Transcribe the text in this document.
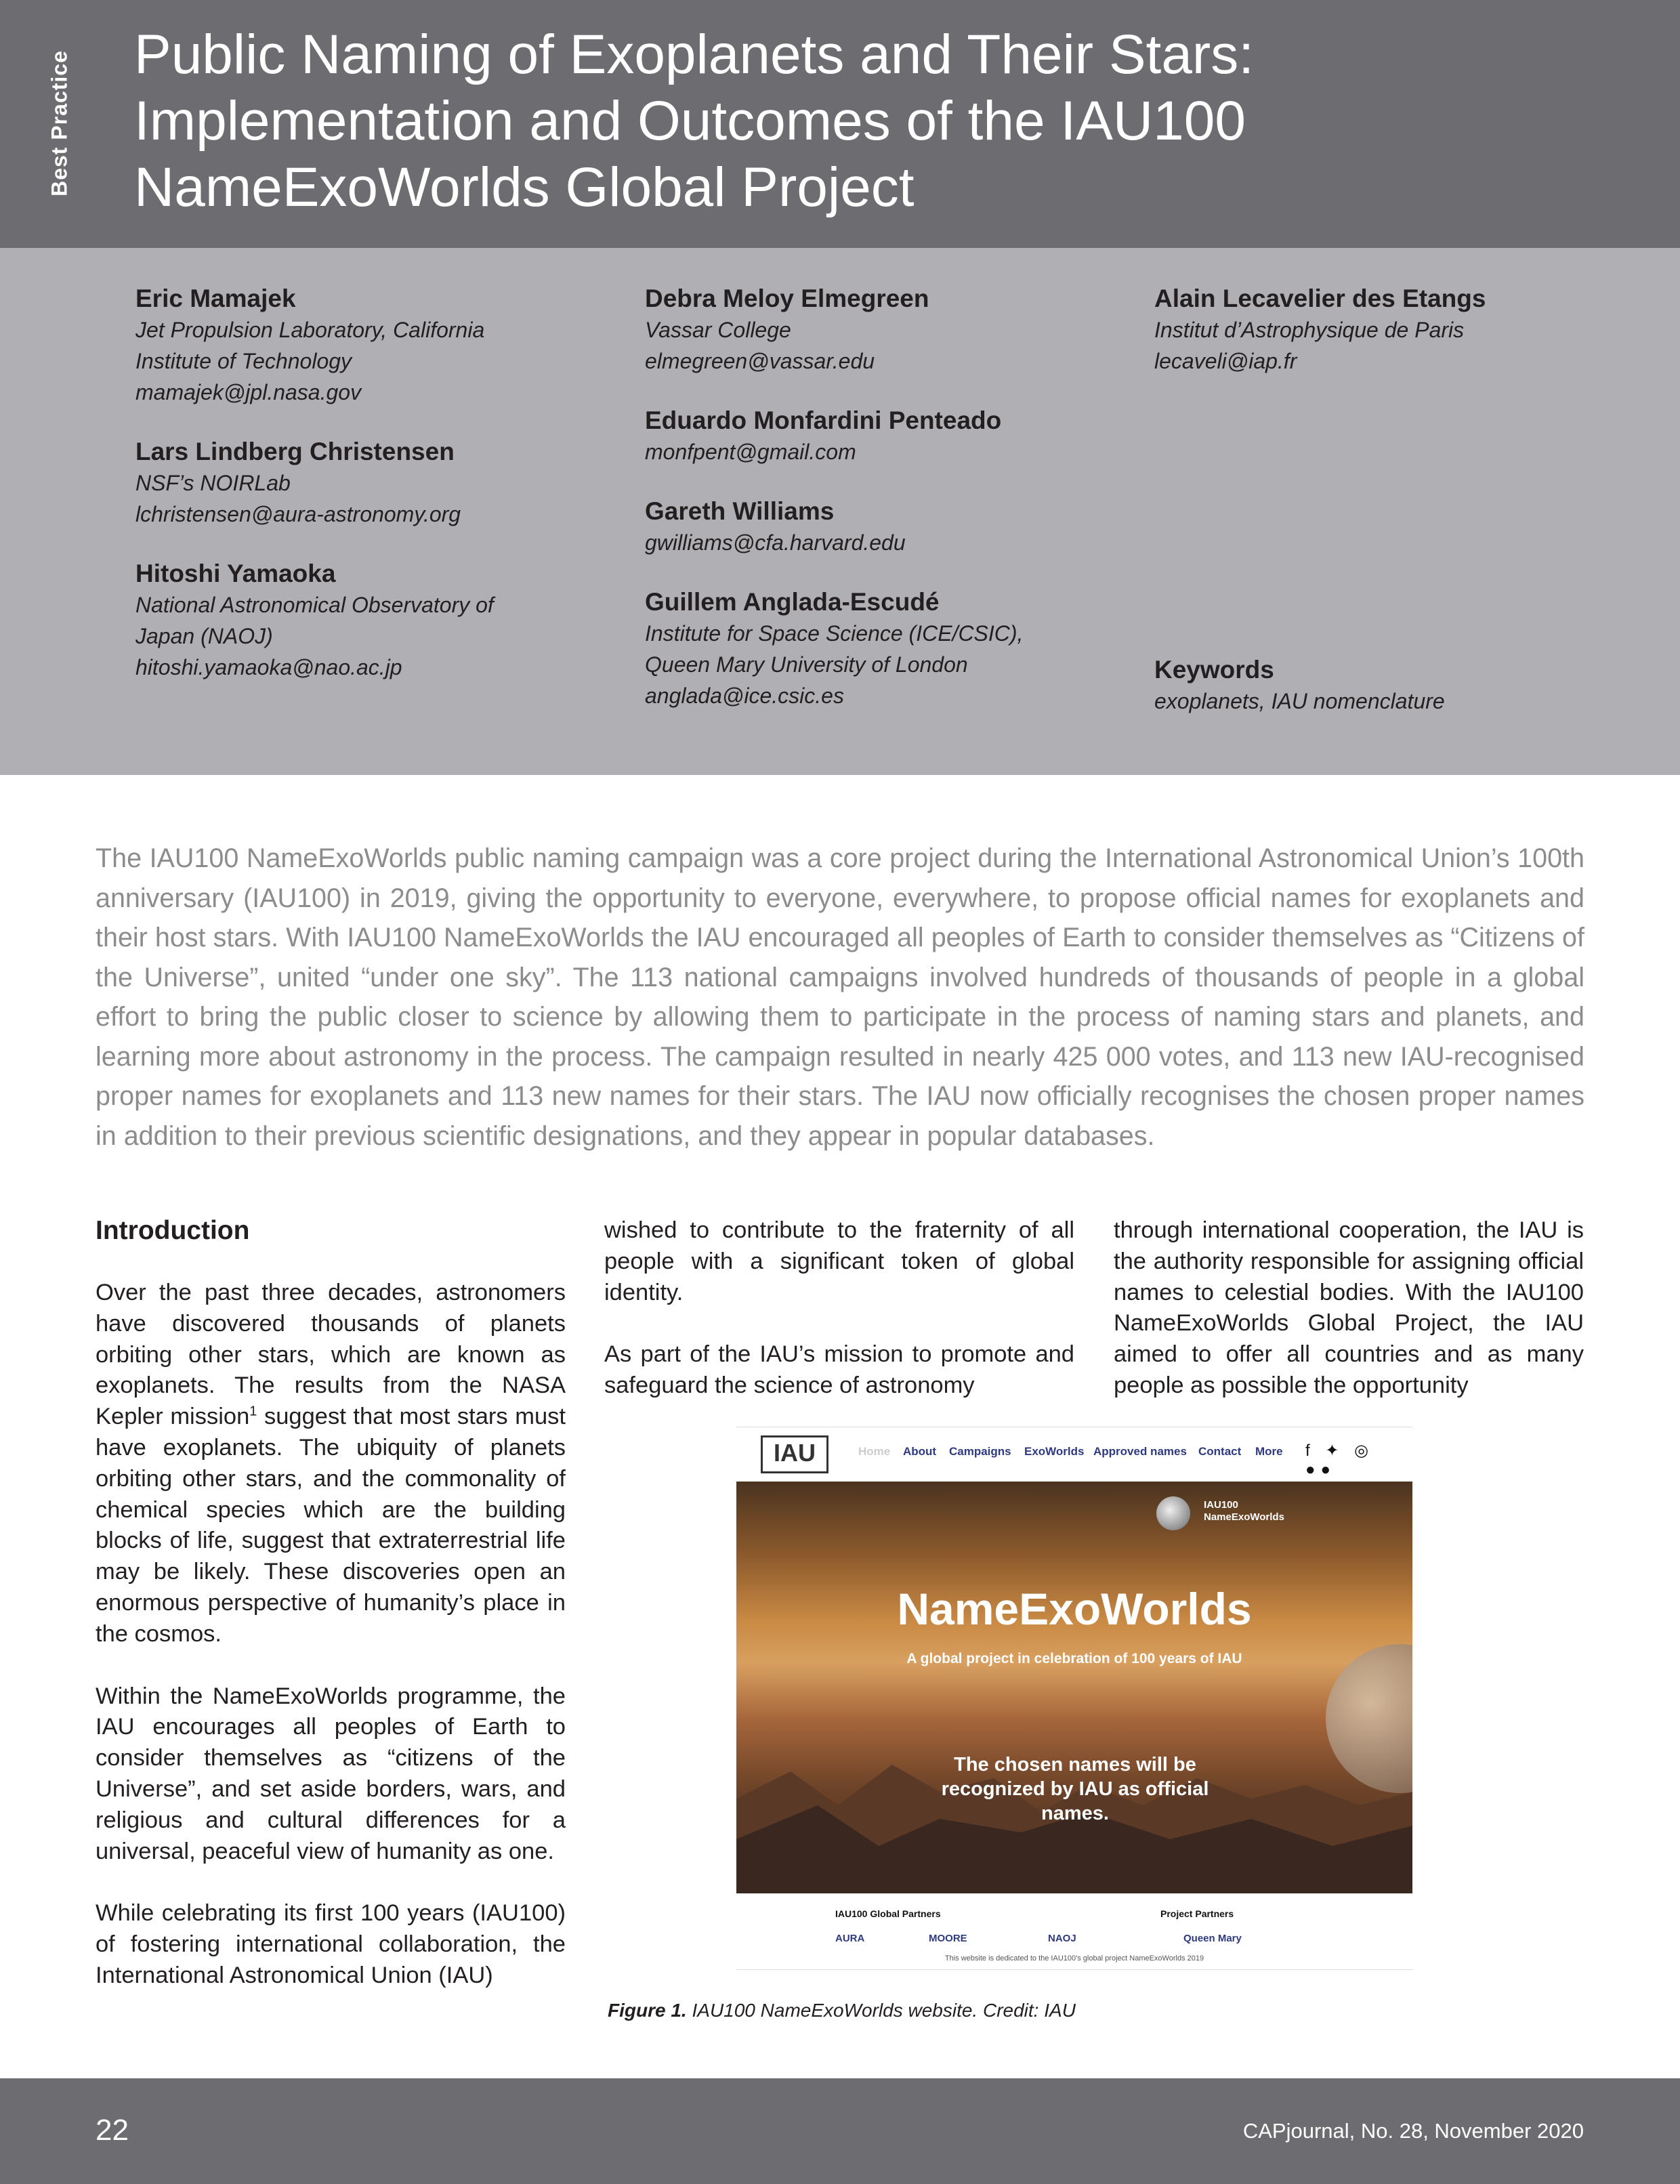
Best Practice Public Naming of Exoplanets and Their Stars: Implementation and Outcomes of the IAU100 NameExoWorlds Global Project
Eric Mamajek
Jet Propulsion Laboratory, California
Institute of Technology
mamajek@jpl.nasa.gov
Lars Lindberg Christensen
NSF’s NOIRLab
lchristensen@aura-astronomy.org
Hitoshi Yamaoka
National Astronomical Observatory of
Japan (NAOJ)
hitoshi.yamaoka@nao.ac.jp
Debra Meloy Elmegreen
Vassar College
elmegreen@vassar.edu
Eduardo Monfardini Penteado
monfpent@gmail.com
Gareth Williams
gwilliams@cfa.harvard.edu
Guillem Anglada-Escudé
Institute for Space Science (ICE/CSIC),
Queen Mary University of London
anglada@ice.csic.es
Alain Lecavelier des Etangs
Institut d’Astrophysique de Paris
lecaveli@iap.fr
Keywords
exoplanets, IAU nomenclature

The IAU100 NameExoWorlds public naming campaign was a core project during the International Astronomical Union’s 100th anniversary (IAU100) in 2019, giving the opportunity to everyone, everywhere, to propose official names for exoplanets and their host stars. With IAU100 NameExoWorlds the IAU encouraged all peoples of Earth to consider themselves as “Citizens of the Universe”, united “under one sky”. The 113 national campaigns involved hundreds of thousands of people in a global effort to bring the public closer to science by allowing them to participate in the process of naming stars and planets, and learning more about astronomy in the process. The campaign resulted in nearly 425 000 votes, and 113 new IAU-recognised proper names for exoplanets and 113 new names for their stars. The IAU now officially recognises the chosen proper names in addition to their previous scientific designations, and they appear in popular databases.

Introduction

Over the past three decades, astronomers have discovered thousands of planets orbiting other stars, which are known as exoplanets. The results from the NASA Kepler mission$^1$ suggest that most stars must have exoplanets. The ubiquity of planets orbiting other stars, and the commonality of chemical species which are the building blocks of life, suggest that extraterrestrial life may be likely. These discoveries open an enormous perspective of humanity’s place in the cosmos.

Within the NameExoWorlds programme, the IAU encourages all peoples of Earth to consider themselves as “citizens of the Universe”, and set aside borders, wars, and religious and cultural differences for a universal, peaceful view of humanity as one.

While celebrating its first 100 years (IAU100) of fostering international collaboration, the International Astronomical Union (IAU)

wished to contribute to the fraternity of all people with a significant token of global identity.

As part of the IAU’s mission to promote and safeguard the science of astronomy

through international cooperation, the IAU is the authority responsible for assigning official names to celestial bodies. With the IAU100 NameExoWorlds Global Project, the IAU aimed to offer all countries and as many people as possible the opportunity

IAU	Home About Campaigns ExoWorlds Approved names Contact More f ✦ ◎ ●●
IAU100
NameExoWorlds
NameExoWorlds
A global project in celebration of 100 years of IAU
The chosen names will be recognized by IAU as official names.
IAU100 Global Partners	Project Partners
AURA	MOORE	NAOJ	Queen Mary
This website is dedicated to the IAU100's global project NameExoWorlds 2019
Figure 1. IAU100 NameExoWorlds website. Credit: IAU
22	CAPjournal, No. 28, November 2020
